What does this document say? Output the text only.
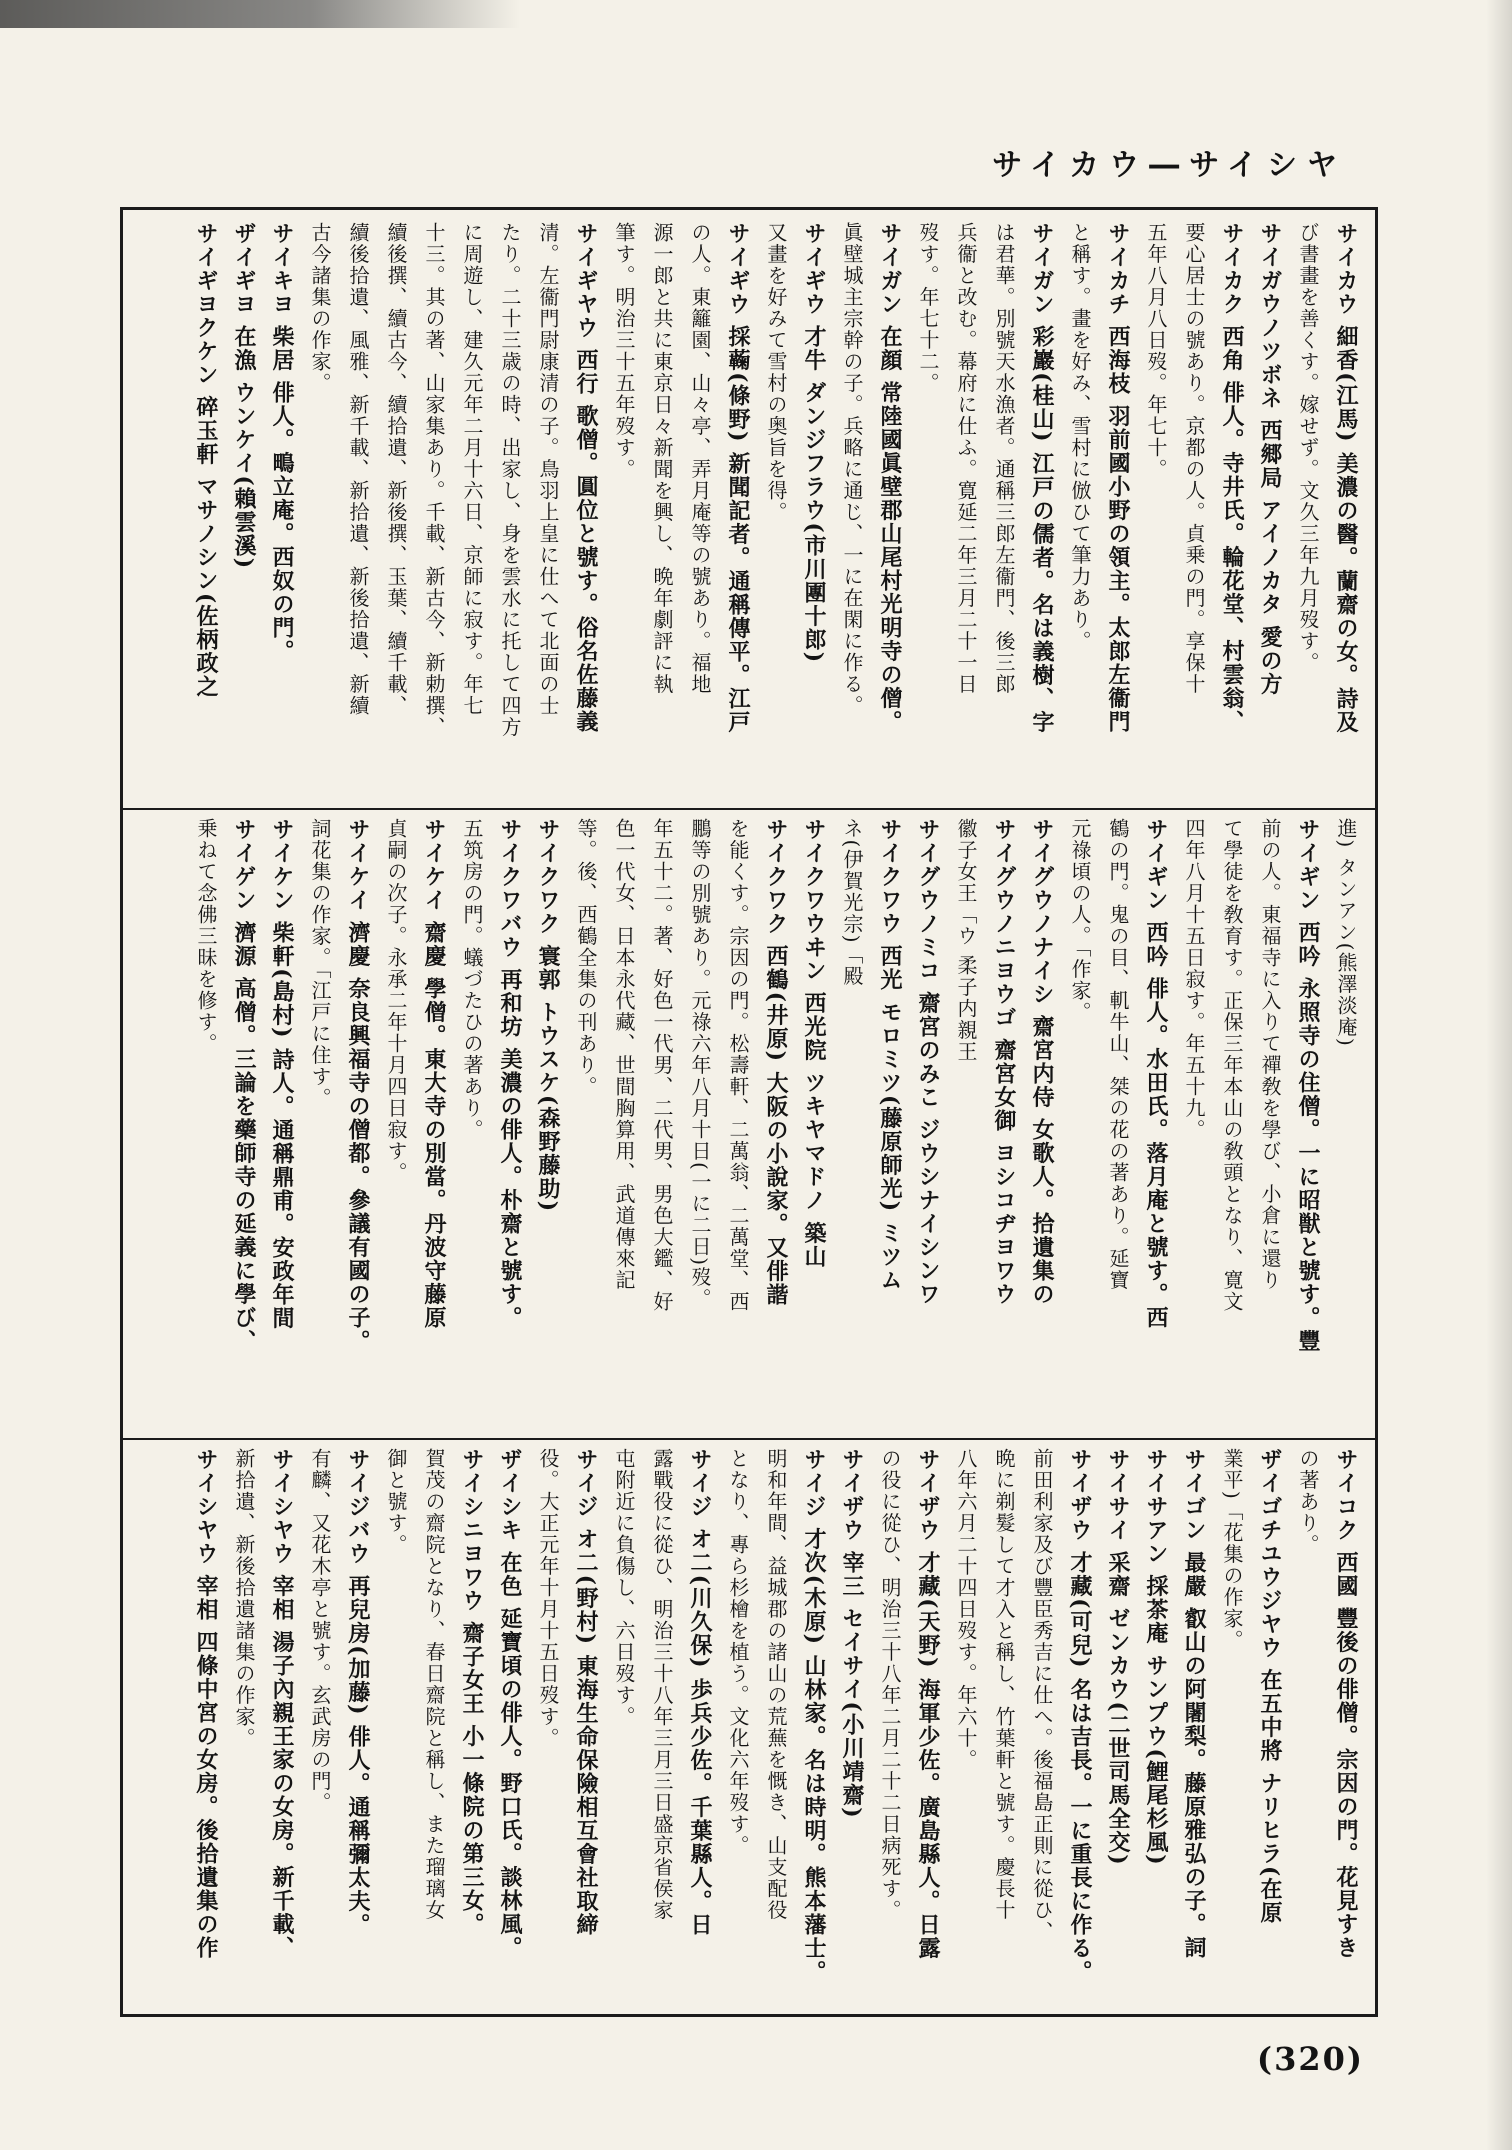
サイカウ―サイシヤ
サイカウ 細香(江馬) 美濃の醫。蘭齋の女。詩及
び書畫を善くす。嫁せず。文久三年九月歿す。
サイガウノツボネ 西郷局 アイノカタ 愛の方
サイカク 西角 俳人。寺井氏。輪花堂、村雲翁、
要心居士の號あり。京都の人。貞乗の門。享保十
五年八月八日歿。年七十。
サイカチ 西海枝 羽前國小野の領主。太郎左衞門
と稱す。畫を好み、雪村に倣ひて筆力あり。
サイガン 彩巖(桂山) 江戸の儒者。名は義樹、字
は君華。別號天水漁者。通稱三郎左衞門、後三郎
兵衞と改む。幕府に仕ふ。寛延二年三月二十一日
歿す。年七十二。
サイガン 在顔 常陸國眞壁郡山尾村光明寺の僧。
眞壁城主宗幹の子。兵略に通じ、一に在閑に作る。
サイギウ 才牛 ダンジフラウ(市川團十郎)
又畫を好みて雪村の奥旨を得。
サイギウ 採蘜(條野) 新聞記者。通稱傳平。江戸
の人。東籬園、山々亭、弄月庵等の號あり。福地
源一郎と共に東京日々新聞を興し、晩年劇評に執
筆す。明治三十五年歿す。
サイギヤウ 西行 歌僧。圓位と號す。俗名佐藤義
清。左衞門尉康清の子。鳥羽上皇に仕へて北面の士
たり。二十三歳の時、出家し、身を雲水に托して四方
に周遊し、建久元年二月十六日、京師に寂す。年七
十三。其の著、山家集あり。千載、新古今、新勅撰、
續後撰、續古今、續拾遺、新後撰、玉葉、續千載、
續後拾遺、風雅、新千載、新拾遺、新後拾遺、新續
古今諸集の作家。
サイキヨ 柴居 俳人。鴫立庵。西奴の門。
ザイギヨ 在漁 ウンケイ(賴雲溪)
サイギヨクケン 碎玉軒 マサノシン(佐柄政之
進) タンアン(熊澤淡庵)
サイギン 西吟 永照寺の住僧。一に昭獣と號す。豐
前の人。東福寺に入りて禪敎を學び、小倉に還り
て學徒を敎育す。正保三年本山の敎頭となり、寛文
四年八月十五日寂す。年五十九。
サイギン 西吟 俳人。水田氏。落月庵と號す。西
鶴の門。鬼の目、䡄牛山、桀の花の著あり。延寶
元祿頃の人。「作家。
サイグウノナイシ 齋宮内侍 女歌人。拾遺集の
サイグウノニヨウゴ 齋宮女御 ヨシコヂヨワウ
徽子女王「ウ 柔子内親王
サイグウノミコ 齋宮のみこ ジウシナイシンワ
サイクワウ 西光 モロミツ(藤原師光) ミツム
ネ(伊賀光宗)「殿
サイクワウヰン 西光院 ツキヤマドノ 築山
サイクワク 西鶴(井原) 大阪の小說家。又俳諧
を能くす。宗因の門。松壽軒、二萬翁、二萬堂、西
鵬等の別號あり。元祿六年八月十日(一に二日)歿。
年五十二。著、好色一代男、二代男、男色大鑑、好
色一代女、日本永代藏、世間胸算用、武道傳來記
等。後、西鶴全集の刊あり。
サイクワク 寰郭 トウスケ(森野藤助)
サイクワバウ 再和坊 美濃の俳人。朴齋と號す。
五筑房の門。蟻づたひの著あり。
サイケイ 齋慶 學僧。東大寺の別當。丹波守藤原
貞嗣の次子。永承二年十月四日寂す。
サイケイ 濟慶 奈良興福寺の僧都。參議有國の子。
詞花集の作家。「江戸に住す。
サイケン 柴軒(島村) 詩人。通稱鼎甫。安政年間
サイゲン 濟源 高僧。三論を藥師寺の延義に學び、
乗ねて念佛三昧を修す。
サイコク 西國 豐後の俳僧。宗因の門。花見すき
の著あり。
ザイゴチユウジヤウ 在五中將 ナリヒラ(在原
業平)「花集の作家。
サイゴン 最嚴 叡山の阿闍梨。藤原雅弘の子。詞
サイサアン 採茶庵 サンプウ(鯉尾杉風)
サイサイ 采齋 ゼンカウ(二世司馬全交)
サイザウ 才藏(可兒) 名は吉長。一に重長に作る。
前田利家及び豐臣秀吉に仕へ。後福島正則に從ひ、
晩に剃髮して才入と稱し、竹葉軒と號す。慶長十
八年六月二十四日歿す。年六十。
サイザウ 才藏(天野) 海軍少佐。廣島縣人。日露
の役に從ひ、明治三十八年二月二十二日病死す。
サイザウ 宰三 セイサイ(小川靖齋)
サイジ 才次(木原) 山林家。名は時明。熊本藩士。
明和年間、益城郡の諸山の荒蕪を慨き、山支配役
となり、專ら杉檜を植う。文化六年歿す。
サイジ オ二(川久保) 歩兵少佐。千葉縣人。日
露戰役に從ひ、明治三十八年三月三日盛京省侯家
屯附近に負傷し、六日歿す。
サイジ オ二(野村) 東海生命保險相互會社取締
役。大正元年十月十五日歿す。
ザイシキ 在色 延寶頃の俳人。野口氏。談林風。
サイシニヨワウ 齋子女王 小一條院の第三女。
賀茂の齋院となり、春日齋院と稱し、また瑠璃女
御と號す。
サイジバウ 再兒房(加藤) 俳人。通稱彌太夫。
有麟、又花木亭と號す。玄武房の門。
サイシヤウ 宰相 湯子內親王家の女房。新千載、
新拾遺、新後拾遺諸集の作家。
サイシヤウ 宰相 四條中宮の女房。後拾遺集の作
(320)
